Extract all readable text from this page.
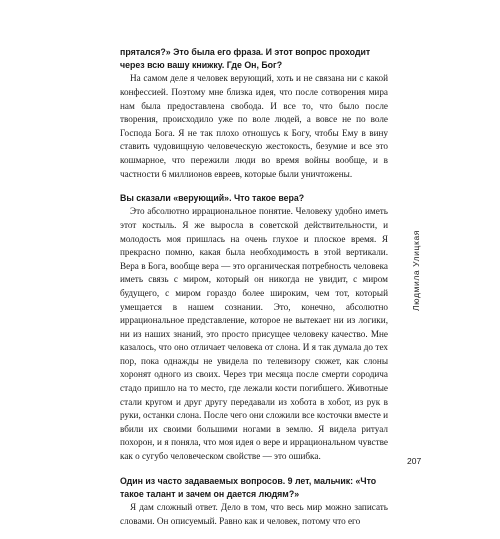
прятался?» Это была его фраза. И этот вопрос проходит через всю вашу книжку. Где Он, Бог?

На самом деле я человек верующий, хоть и не связана ни с какой конфессией. Поэтому мне близка идея, что после сотворения мира нам была предоставлена свобода. И все то, что было после творения, происходило уже по воле людей, а вовсе не по воле Господа Бога. Я не так плохо отношусь к Богу, чтобы Ему в вину ставить чудовищную человеческую жестокость, безумие и все это кошмарное, что пережили люди во время войны вообще, и в частности 6 миллионов евреев, которые были уничтожены.

Вы сказали «верующий». Что такое вера?

Это абсолютно иррациональное понятие. Человеку удобно иметь этот костыль. Я же выросла в советской действительности, и молодость моя пришлась на очень глухое и плоское время. Я прекрасно помню, какая была необходимость в этой вертикали. Вера в Бога, вообще вера — это органическая потребность человека иметь связь с миром, который он никогда не увидит, с миром будущего, с миром гораздо более широким, чем тот, который умещается в нашем сознании. Это, конечно, абсолютно иррациональное представление, которое не вытекает ни из логики, ни из наших знаний, это просто присущее человеку качество. Мне казалось, что оно отличает человека от слона. И я так думала до тех пор, пока однажды не увидела по телевизору сюжет, как слоны хоронят одного из своих. Через три месяца после смерти сородича стадо пришло на то место, где лежали кости погибшего. Животные стали кругом и друг другу передавали из хобота в хобот, из рук в руки, останки слона. После чего они сложили все косточки вместе и вбили их своими большими ногами в землю. Я видела ритуал похорон, и я поняла, что моя идея о вере и иррациональном чувстве как о сугубо человеческом свойстве — это ошибка.

Один из часто задаваемых вопросов. 9 лет, мальчик: «Что такое талант и зачем он дается людям?»

Я дам сложный ответ. Дело в том, что весь мир можно записать словами. Он описуемый. Равно как и человек, потому что его

Людмила Улицкая
207
